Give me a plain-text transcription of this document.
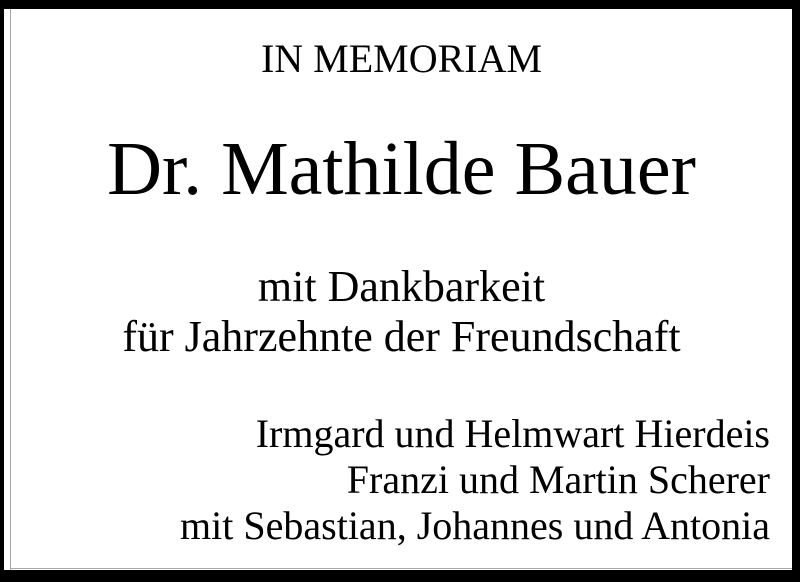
IN MEMORIAM
Dr. Mathilde Bauer
mit Dankbarkeit
für Jahrzehnte der Freundschaft
Irmgard und Helmwart Hierdeis
Franzi und Martin Scherer
mit Sebastian, Johannes und Antonia
